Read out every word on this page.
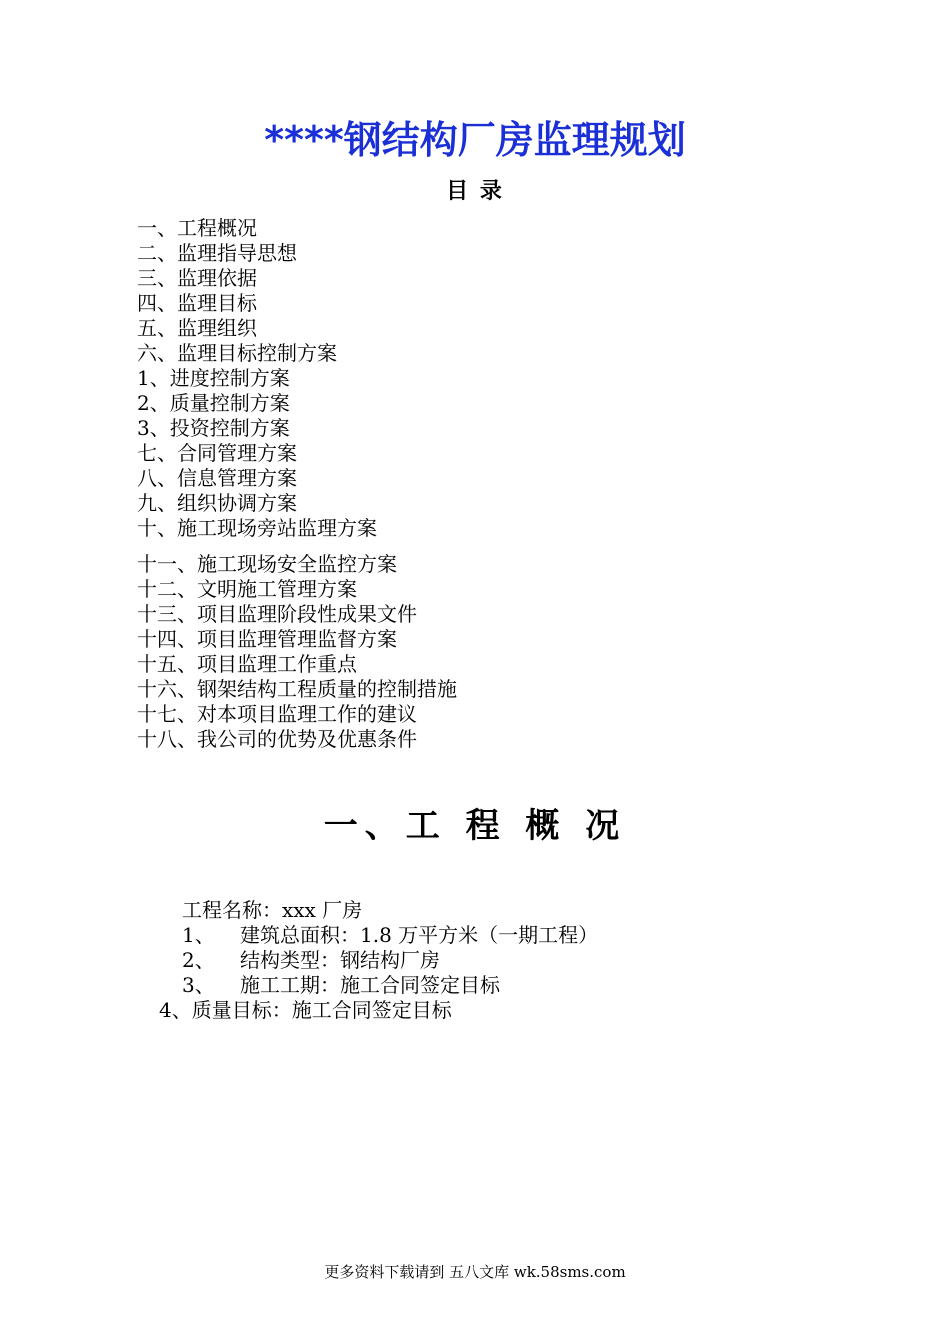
****钢结构厂房监理规划
目 录
一、工程概况
二、监理指导思想
三、监理依据
四、监理目标
五、监理组织
六、监理目标控制方案
1、进度控制方案
2、质量控制方案
3、投资控制方案
七、合同管理方案
八、信息管理方案
九、组织协调方案
十、施工现场旁站监理方案
十一、施工现场安全监控方案
十二、文明施工管理方案
十三、项目监理阶段性成果文件
十四、项目监理管理监督方案
十五、项目监理工作重点
十六、钢架结构工程质量的控制措施
十七、对本项目监理工作的建议
十八、我公司的优势及优惠条件
一、工 程 概 况
工程名称：xxx 厂房
1、 建筑总面积：1.8 万平方米（一期工程）
2、 结构类型：钢结构厂房
3、 施工工期：施工合同签定目标
4、质量目标：施工合同签定目标
更多资料下载请到 五八文库 wk.58sms.com
